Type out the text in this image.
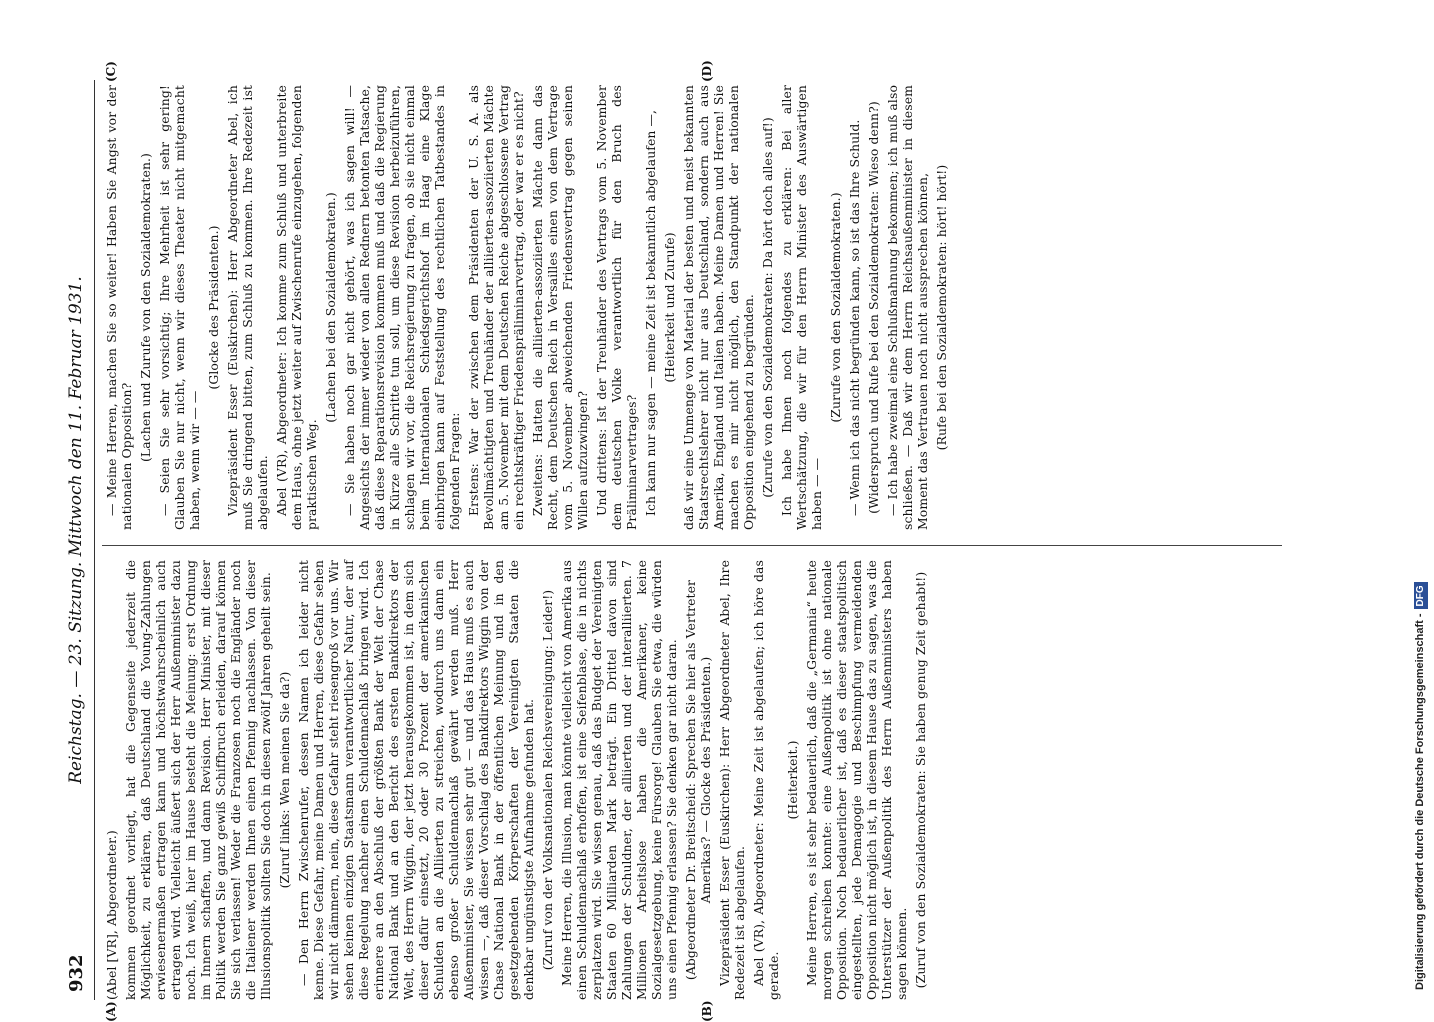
932
Reichstag. — 23. Sitzung. Mittwoch den 11. Februar 1931.
(A)	(B)
(C)	(D)

(Abel [VR], Abgeordneter.) kommen geordnet vorliegt, hat die Gegenseite jederzeit die Möglichkeit, zu erklären, daß Deutschland die Young-Zahlungen erwiesenermaßen ertragen kann und höchstwahrscheinlich auch ertragen wird. Vielleicht äußert sich der Herr Außenminister dazu noch. Ich weiß, hier im Hause besteht die Meinung: erst Ordnung im Innern schaffen, und dann Revision. Herr Minister, mit dieser Politik werden Sie ganz gewiß Schiffbruch erleiden, darauf können Sie sich verlassen! Weder die Franzosen noch die Engländer noch die Italiener werden Ihnen einen Pfennig nachlassen. Von dieser Illusionspolitik sollten Sie doch in diesen zwölf Jahren geheilt sein. (Zuruf links: Wen meinen Sie da?) — Den Herrn Zwischenrufer, dessen Namen ich leider nicht kenne. Diese Gefahr, meine Damen und Herren, diese Gefahr sehen wir nicht dämmern, nein, diese Gefahr steht riesengroß vor uns. Wir sehen keinen einzigen Staatsmann verantwortlicher Natur, der auf diese Regelung nachher einen Schuldennachlaß bringen wird. Ich erinnere an den Abschluß der größten Bank der Welt der Chase National Bank und an den Bericht des ersten Bankdirektors der Welt, des Herrn Wiggin, der jetzt herausgekommen ist, in dem sich dieser dafür einsetzt, 20 oder 30 Prozent der amerikanischen Schulden an die Alliierten zu streichen, wodurch uns dann ein ebenso großer Schuldennachlaß gewährt werden muß. Herr Außenminister, Sie wissen sehr gut — und das Haus muß es auch wissen —, daß dieser Vorschlag des Bankdirektors Wiggin von der Chase National Bank in der öffentlichen Meinung und in den gesetzgebenden Körperschaften der Vereinigten Staaten die denkbar ungünstigste Aufnahme gefunden hat. (Zuruf von der Volksnationalen Reichsvereinigung: Leider!) Meine Herren, die Illusion, man könnte vielleicht von Amerika aus einen Schuldennachlaß erhoffen, ist eine Seifenblase, die in nichts zerplatzen wird. Sie wissen genau, daß das Budget der Vereinigten Staaten 60 Milliarden Mark beträgt. Ein Drittel davon sind Zahlungen der Schuldner, der alliierten und der interalliierten. 7 Millionen Arbeitslose haben die Amerikaner, keine Sozialgesetzgebung, keine Fürsorge! Glauben Sie etwa, die würden uns einen Pfennig erlassen? Sie denken gar nicht daran. (Abgeordneter Dr. Breitscheid: Sprechen Sie hier als Vertreter Amerikas? — Glocke des Präsidenten.) Vizepräsident Esser (Euskirchen): Herr Abgeordneter Abel, Ihre Redezeit ist abgelaufen. Abel (VR), Abgeordneter: Meine Zeit ist abgelaufen; ich höre das gerade.

(Heiterkeit.) Meine Herren, es ist sehr bedauerlich, daß die „Germania“ heute morgen schreiben konnte: eine Außenpolitik ist ohne nationale Opposition. Noch bedauerlicher ist, daß es dieser staatspolitisch eingestellten, jede Demagogie und Beschimpfung vermeidenden Opposition nicht möglich ist, in diesem Hause das zu sagen, was die Unterstützer der Außenpolitik des Herrn Außenministers haben sagen können. (Zuruf von den Sozialdemokraten: Sie haben genug Zeit gehabt!)

— Meine Herren, machen Sie so weiter! Haben Sie Angst vor der nationalen Opposition? (Lachen und Zurufe von den Sozialdemokraten.) — Seien Sie sehr vorsichtig; Ihre Mehrheit ist sehr gering! Glauben Sie nur nicht, wenn wir dieses Theater nicht mitgemacht haben, wenn wir — —

(Glocke des Präsidenten.) Vizepräsident Esser (Euskirchen): Herr Abgeordneter Abel, ich muß Sie dringend bitten, zum Schluß zu kommen. Ihre Redezeit ist abgelaufen. Abel (VR), Abgeordneter: Ich komme zum Schluß und unterbreite dem Haus, ohne jetzt weiter auf Zwischenrufe einzugehen, folgenden praktischen Weg.

(Lachen bei den Sozialdemokraten.) — Sie haben noch gar nicht gehört, was ich sagen will! — Angesichts der immer wieder von allen Rednern betonten Tatsache, daß diese Reparationsrevision kommen muß und daß die Regierung in Kürze alle Schritte tun soll, um diese Revision herbeizuführen, schlagen wir vor, die Reichsregierung zu fragen, ob sie nicht einmal beim Internationalen Schiedsgerichtshof im Haag eine Klage einbringen kann auf Feststellung des rechtlichen Tatbestandes in folgenden Fragen: Erstens: War der zwischen dem Präsidenten der U. S. A. als Bevollmächtigten und Treuhänder der alliierten-assoziierten Mächte am 5. November mit dem Deutschen Reiche abgeschlossene Vertrag ein rechtskräftiger Friedenspräliminarvertrag, oder war er es nicht? Zweitens: Hatten die alliierten-assoziierten Mächte dann das Recht, dem Deutschen Reich in Versailles einen von dem Vertrage vom 5. November abweichenden Friedensvertrag gegen seinen Willen aufzuzwingen? Und drittens: Ist der Treuhänder des Vertrags vom 5. November dem deutschen Volke verantwortlich für den Bruch des Präliminarvertrages? Ich kann nur sagen — meine Zeit ist bekanntlich abgelaufen —, (Heiterkeit und Zurufe) daß wir eine Unmenge von Material der besten und meist bekannten Staatsrechtslehrer nicht nur aus Deutschland, sondern auch aus Amerika, England und Italien haben. Meine Damen und Herren! Sie machen es mir nicht möglich, den Standpunkt der nationalen Opposition eingehend zu begründen. (Zurufe von den Sozialdemokraten: Da hört doch alles auf!) Ich habe Ihnen noch folgendes zu erklären: Bei aller Wertschätzung, die wir für den Herrn Minister des Auswärtigen haben — —

(Zurufe von den Sozialdemokraten.) — Wenn ich das nicht begründen kann, so ist das Ihre Schuld. (Widerspruch und Rufe bei den Sozialdemokraten: Wieso denn?) — Ich habe zweimal eine Schlußmahnung bekommen; ich muß also schließen. — Daß wir dem Herrn Reichsaußenminister in diesem Moment das Vertrauen noch nicht aussprechen können, (Rufe bei den Sozialdemokraten: hört! hört!)

Digitalisierung gefördert durch die Deutsche Forschungsgemeinschaft -DFG
